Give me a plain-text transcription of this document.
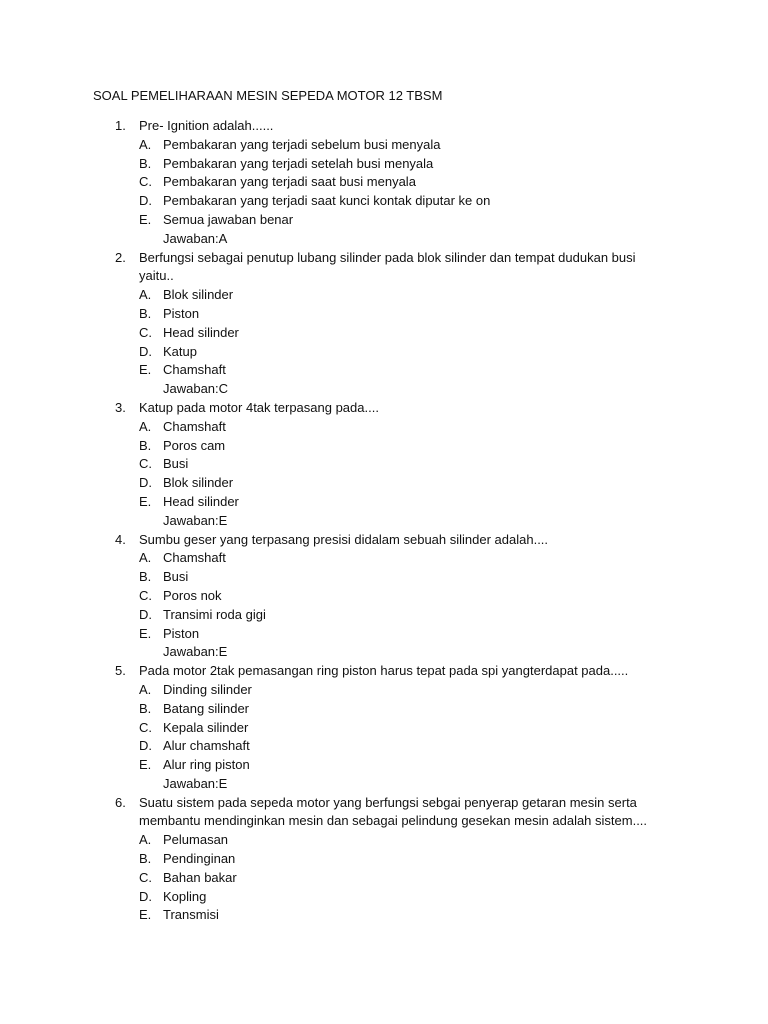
SOAL PEMELIHARAAN MESIN SEPEDA MOTOR 12 TBSM
1. Pre- Ignitіon adalah......
A. Pembakaran yang terjadi sebelum busi menyala
B. Pembakaran yang terjadi setelah busi menyala
C. Pembakaran yang terjadi saat busi menyala
D. Pembakaran yang terjadi saat kunci kontak diputar ke on
E. Semua jawaban benar
Jawaban:A
2. Berfungsi sebagai penutup lubang silinder pada blok silinder dan tempat dudukan busi
yaitu..
A. Blok silinder
B. Piston
C. Head silinder
D. Katup
E. Chamshaft
Jawaban:C
3. Katup pada motor 4tak terpasang pada....
A. Chamshaft
B. Poros cam
C. Busi
D. Blok silinder
E. Head silinder
Jawaban:E
4. Sumbu geser yang terpasang presisi didalam sebuah silinder adalah....
A. Chamshaft
B. Busi
C. Poros nok
D. Transimi roda gigi
E. Piston
Jawaban:E
5. Pada motor 2tak pemasangan ring piston harus tepat pada spi yangterdapat pada.....
A. Dinding silinder
B. Batang silinder
C. Kepala silinder
D. Alur chamshaft
E. Alur ring piston
Jawaban:E
6. Suatu sistem pada sepeda motor yang berfungsi sebgai penyerap getaran mesin serta
membantu mendinginkan mesin dan sebagai pelindung gesekan mesin adalah sistem....
A. Pelumasan
B. Pendinginan
C. Bahan bakar
D. Kopling
E. Transmisi
